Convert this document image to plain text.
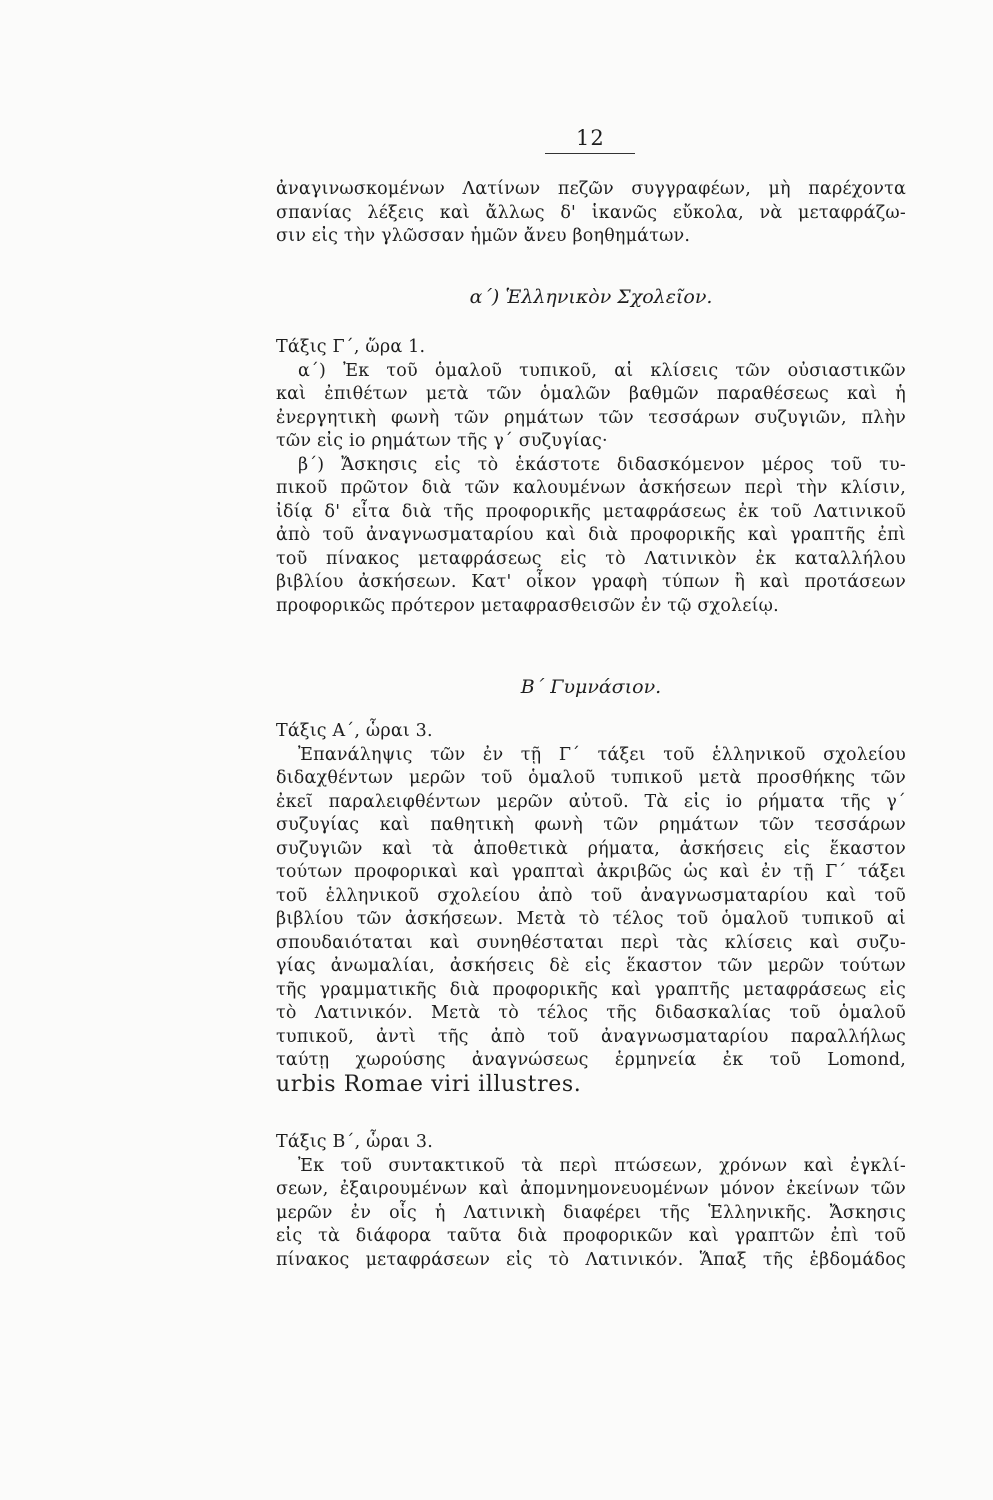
12
ἀναγινωσκομένων Λατίνων πεζῶν συγγραφέων, μὴ παρέχοντα
σπανίας λέξεις καὶ ἄλλως δ' ἱκανῶς εὔκολα, νὰ μεταφράζω-
σιν εἰς τὴν γλῶσσαν ἡμῶν ἄνευ βοηθημάτων.
α΄) Ἑλληνικὸν Σχολεῖον.
Τάξις Γ΄, ὥρα 1.
α΄) Ἐκ τοῦ ὁμαλοῦ τυπικοῦ, αἱ κλίσεις τῶν οὐσιαστικῶν
καὶ ἐπιθέτων μετὰ τῶν ὁμαλῶν βαθμῶν παραθέσεως καὶ ἡ
ἐνεργητικὴ φωνὴ τῶν ρημάτων τῶν τεσσάρων συζυγιῶν, πλὴν
τῶν εἰς io ρημάτων τῆς γ΄ συζυγίας·
β΄) Ἄσκησις εἰς τὸ ἑκάστοτε διδασκόμενον μέρος τοῦ τυ-
πικοῦ πρῶτον διὰ τῶν καλουμένων ἀσκήσεων περὶ τὴν κλίσιν,
ἰδίᾳ δ' εἶτα διὰ τῆς προφορικῆς μεταφράσεως ἐκ τοῦ Λατινικοῦ
ἀπὸ τοῦ ἀναγνωσματαρίου καὶ διὰ προφορικῆς καὶ γραπτῆς ἐπὶ
τοῦ πίνακος μεταφράσεως εἰς τὸ Λατινικὸν ἐκ καταλλήλου
βιβλίου ἀσκήσεων. Κατ' οἶκον γραφὴ τύπων ἢ καὶ προτάσεων
προφορικῶς πρότερον μεταφρασθεισῶν ἐν τῷ σχολείῳ.
Β΄ Γυμνάσιον.
Τάξις Α΄, ὧραι 3.
Ἐπανάληψις τῶν ἐν τῇ Γ΄ τάξει τοῦ ἑλληνικοῦ σχολείου
διδαχθέντων μερῶν τοῦ ὁμαλοῦ τυπικοῦ μετὰ προσθήκης τῶν
ἐκεῖ παραλειφθέντων μερῶν αὐτοῦ. Τὰ εἰς io ρήματα τῆς γ΄
συζυγίας καὶ παθητικὴ φωνὴ τῶν ρημάτων τῶν τεσσάρων
συζυγιῶν καὶ τὰ ἀποθετικὰ ρήματα, ἀσκήσεις εἰς ἕκαστον
τούτων προφορικαὶ καὶ γραπταὶ ἀκριβῶς ὡς καὶ ἐν τῇ Γ΄ τάξει
τοῦ ἑλληνικοῦ σχολείου ἀπὸ τοῦ ἀναγνωσματαρίου καὶ τοῦ
βιβλίου τῶν ἀσκήσεων. Μετὰ τὸ τέλος τοῦ ὁμαλοῦ τυπικοῦ αἱ
σπουδαιόταται καὶ συνηθέσταται περὶ τὰς κλίσεις καὶ συζυ-
γίας ἀνωμαλίαι, ἀσκήσεις δὲ εἰς ἕκαστον τῶν μερῶν τούτων
τῆς γραμματικῆς διὰ προφορικῆς καὶ γραπτῆς μεταφράσεως εἰς
τὸ Λατινικόν. Μετὰ τὸ τέλος τῆς διδασκαλίας τοῦ ὁμαλοῦ
τυπικοῦ, ἀντὶ τῆς ἀπὸ τοῦ ἀναγνωσματαρίου παραλλήλως
ταύτῃ χωρούσης ἀναγνώσεως ἑρμηνεία ἐκ τοῦ Lomond,
urbis Romae viri illustres.
Τάξις Β΄, ὧραι 3.
Ἐκ τοῦ συντακτικοῦ τὰ περὶ πτώσεων, χρόνων καὶ ἐγκλί-
σεων, ἐξαιρουμένων καὶ ἀπομνημονευομένων μόνον ἐκείνων τῶν
μερῶν ἐν οἷς ἡ Λατινικὴ διαφέρει τῆς Ἑλληνικῆς. Ἄσκησις
εἰς τὰ διάφορα ταῦτα διὰ προφορικῶν καὶ γραπτῶν ἐπὶ τοῦ
πίνακος μεταφράσεων εἰς τὸ Λατινικόν. Ἅπαξ τῆς ἑβδομάδος
